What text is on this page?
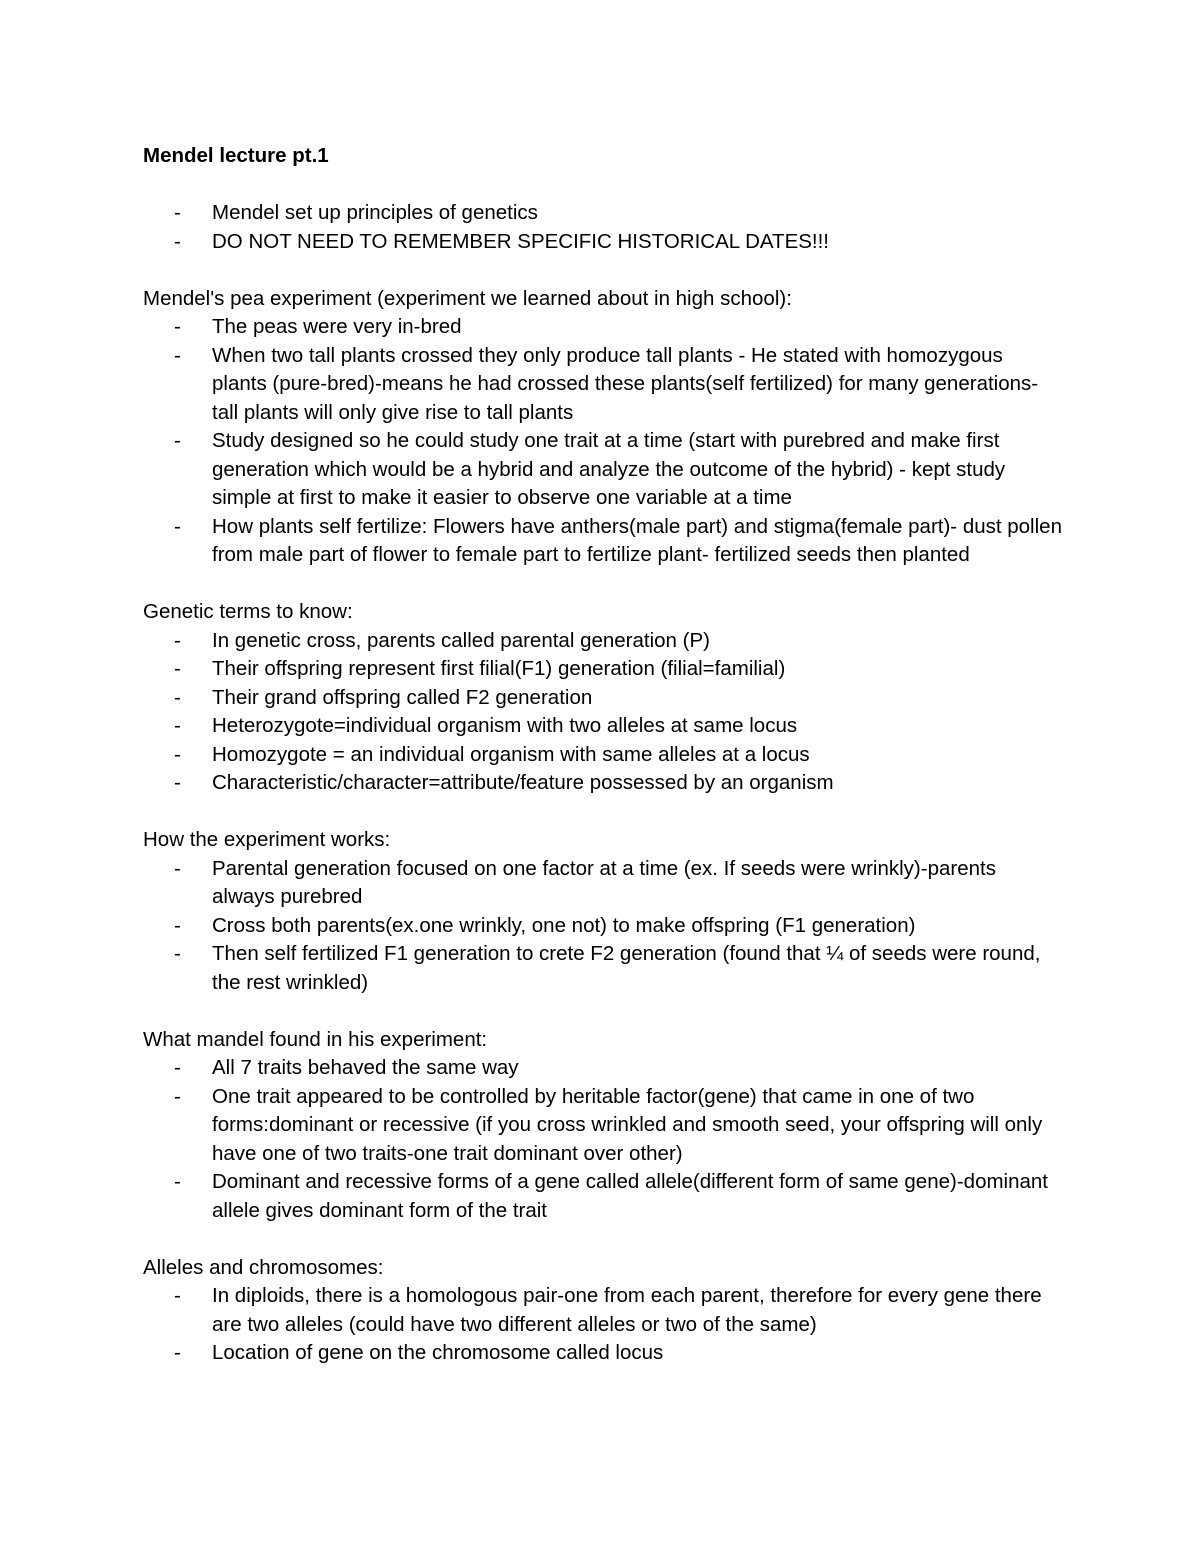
Mendel lecture pt.1

- Mendel set up principles of genetics
- DO NOT NEED TO REMEMBER SPECIFIC HISTORICAL DATES!!!

Mendel's pea experiment (experiment we learned about in high school):

- The peas were very in-bred
- When two tall plants crossed they only produce tall plants - He stated with homozygous plants (pure-bred)-means he had crossed these plants(self fertilized) for many generations-tall plants will only give rise to tall plants
- Study designed so he could study one trait at a time (start with purebred and make first generation which would be a hybrid and analyze the outcome of the hybrid) - kept study simple at first to make it easier to observe one variable at a time
- How plants self fertilize: Flowers have anthers(male part) and stigma(female part)- dust pollen from male part of flower to female part to fertilize plant- fertilized seeds then planted

Genetic terms to know:

- In genetic cross, parents called parental generation (P)
- Their offspring represent first filial(F1) generation (filial=familial)
- Their grand offspring called F2 generation
- Heterozygote=individual organism with two alleles at same locus
- Homozygote = an individual organism with same alleles at a locus
- Characteristic/character=attribute/feature possessed by an organism

How the experiment works:

- Parental generation focused on one factor at a time (ex. If seeds were wrinkly)-parents always purebred
- Cross both parents(ex.one wrinkly, one not) to make offspring (F1 generation)
- Then self fertilized F1 generation to crete F2 generation (found that ¼ of seeds were round, the rest wrinkled)

What mandel found in his experiment:

- All 7 traits behaved the same way
- One trait appeared to be controlled by heritable factor(gene) that came in one of two forms:dominant or recessive (if you cross wrinkled and smooth seed, your offspring will only have one of two traits-one trait dominant over other)
- Dominant and recessive forms of a gene called allele(different form of same gene)-dominant allele gives dominant form of the trait

Alleles and chromosomes:

- In diploids, there is a homologous pair-one from each parent, therefore for every gene there are two alleles (could have two different alleles or two of the same)
- Location of gene on the chromosome called locus
